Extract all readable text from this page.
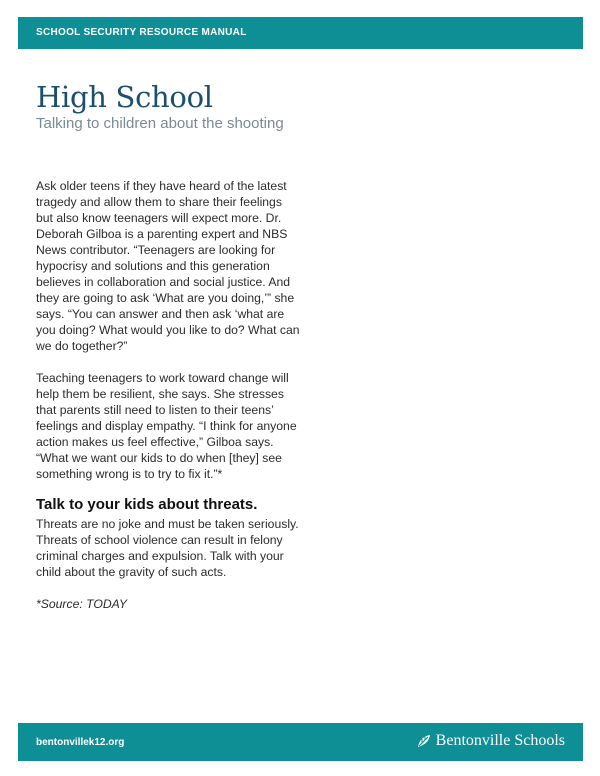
SCHOOL SECURITY RESOURCE MANUAL
High School

Talking to children about the shooting

Ask older teens if they have heard of the latest tragedy and allow them to share their feelings but also know teenagers will expect more. Dr. Deborah Gilboa is a parenting expert and NBS News contributor. “Teenagers are looking for hypocrisy and solutions and this generation believes in collaboration and social justice. And they are going to ask ‘What are you doing,’” she says. “You can answer and then ask ‘what are you doing? What would you like to do? What can we do together?”

Teaching teenagers to work toward change will help them be resilient, she says. She stresses that parents still need to listen to their teens’ feelings and display empathy. “I think for anyone action makes us feel effective,” Gilboa says. “What we want our kids to do when [they] see something wrong is to try to fix it.”*

Talk to your kids about threats.

Threats are no joke and must be taken seriously. Threats of school violence can result in felony criminal charges and expulsion. Talk with your child about the gravity of such acts.

*Source: TODAY

bentonvillek12.org	Bentonville Schools
